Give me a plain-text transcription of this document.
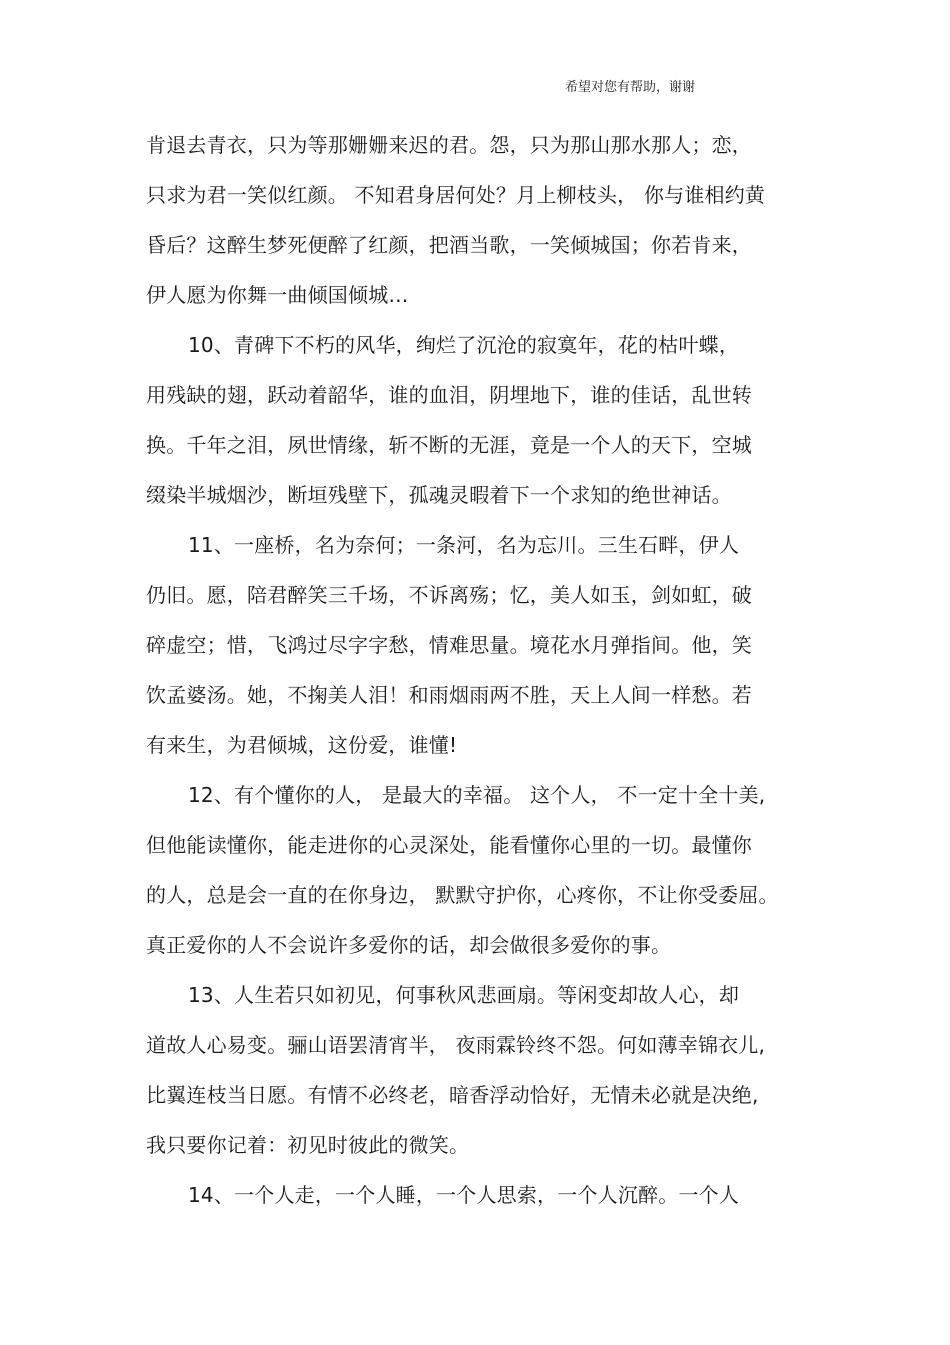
希望对您有帮助，谢谢
肯退去青衣，只为等那姗姗来迟的君。怨，只为那山那水那人；恋，
只求为君一笑似红颜。 不知君身居何处？月上柳枝头， 你与谁相约黄
昏后？这醉生梦死便醉了红颜，把酒当歌，一笑倾城国；你若肯来，
伊人愿为你舞一曲倾国倾城…
10、青碑下不朽的风华，绚烂了沉沧的寂寞年，花的枯叶蝶，
用残缺的翅，跃动着韶华，谁的血泪，阴埋地下，谁的佳话，乱世转
换。千年之泪，夙世情缘，斩不断的无涯，竟是一个人的天下，空城
缀染半城烟沙，断垣残壁下，孤魂灵暇着下一个求知的绝世神话。
11、一座桥，名为奈何；一条河，名为忘川。三生石畔，伊人
仍旧。愿，陪君醉笑三千场，不诉离殇；忆，美人如玉，剑如虹，破
碎虚空；惜，飞鸿过尽字字愁，情难思量。境花水月弹指间。他，笑
饮孟婆汤。她，不掬美人泪！和雨烟雨两不胜，天上人间一样愁。若
有来生，为君倾城，这份爱，谁懂!
12、有个懂你的人， 是最大的幸福。 这个人， 不一定十全十美,
但他能读懂你，能走进你的心灵深处，能看懂你心里的一切。最懂你
的人，总是会一直的在你身边， 默默守护你，心疼你，不让你受委屈。
真正爱你的人不会说许多爱你的话，却会做很多爱你的事。
13、人生若只如初见，何事秋风悲画扇。等闲变却故人心，却
道故人心易变。骊山语罢清宵半， 夜雨霖铃终不怨。何如薄幸锦衣儿,
比翼连枝当日愿。有情不必终老，暗香浮动恰好，无情未必就是决绝,
我只要你记着：初见时彼此的微笑。
14、一个人走，一个人睡，一个人思索，一个人沉醉。一个人
